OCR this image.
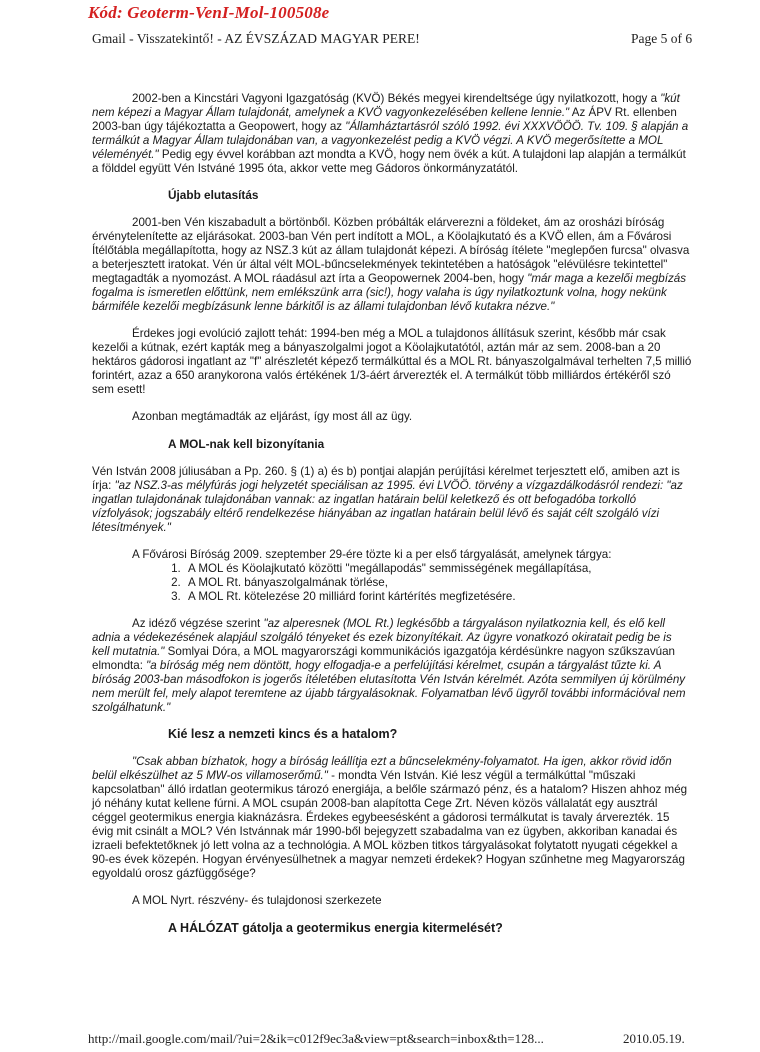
Kód: Geoterm-VenI-Mol-100508e
Gmail - Visszatekintő! - AZ ÉVSZÁZAD MAGYAR PERE!	Page 5 of 6

2002-ben a Kincstári Vagyoni Igazgatóság (KVÖ) Békés megyei kirendeltsége úgy nyilatkozott, hogy a "kút nem képezi a Magyar Állam tulajdonát, amelynek a KVÖ vagyonkezelésében kellene lennie." Az ÁPV Rt. ellenben 2003-ban úgy tájékoztatta a Geopowert, hogy az "Államháztartásról szóló 1992. évi XXXVÖÖÖ. Tv. 109. § alapján a termálkút a Magyar Állam tulajdonában van, a vagyonkezelést pedig a KVÖ végzi. A KVÖ megerősítette a MOL véleményét." Pedig egy évvel korábban azt mondta a KVÖ, hogy nem övék a kút. A tulajdoni lap alapján a termálkút a földdel együtt Vén Istváné 1995 óta, akkor vette meg Gádoros önkormányzatától.

Újabb elutasítás

2001-ben Vén kiszabadult a börtönből. Közben próbálták elárverezni a földeket, ám az orosházi bíróság érvénytelenítette az eljárásokat. 2003-ban Vén pert indított a MOL, a Köolajkutató és a KVÖ ellen, ám a Fővárosi Ítélőtábla megállapította, hogy az NSZ.3 kút az állam tulajdonát képezi. A bíróság ítélete "meglepően furcsa" olvasva a beterjesztett iratokat. Vén úr által vélt MOL-bűncselekmények tekintetében a hatóságok "elévülésre tekintettel" megtagadták a nyomozást. A MOL ráadásul azt írta a Geopowernek 2004-ben, hogy "már maga a kezelői megbízás fogalma is ismeretlen előttünk, nem emlékszünk arra (sic!), hogy valaha is úgy nyilatkoztunk volna, hogy nekünk bármiféle kezelői megbízásunk lenne bárkitől is az állami tulajdonban lévő kutakra nézve."

Érdekes jogi evolúció zajlott tehát: 1994-ben még a MOL a tulajdonos állításuk szerint, később már csak kezelői a kútnak, ezért kapták meg a bányaszolgalmi jogot a Köolajkutatótól, aztán már az sem. 2008-ban a 20 hektáros gádorosi ingatlant az "f" alrészletét képező termálkúttal és a MOL Rt. bányaszolgalmával terhelten 7,5 millió forintért, azaz a 650 aranykorona valós értékének 1/3-áért árverezték el. A termálkút több milliárdos értékéről szó sem esett!

Azonban megtámadták az eljárást, így most áll az ügy.

A MOL-nak kell bizonyítania

Vén István 2008 júliusában a Pp. 260. § (1) a) és b) pontjai alapján perújítási kérelmet terjesztett elő, amiben azt is írja: "az NSZ.3-as mélyfúrás jogi helyzetét speciálisan az 1995. évi LVÖÖ. törvény a vízgazdálkodásról rendezi: "az ingatlan tulajdonának tulajdonában vannak: az ingatlan határain belül keletkező és ott befogadóba torkolló vízfolyások; jogszabály eltérő rendelkezése hiányában az ingatlan határain belül lévő és saját célt szolgáló vízi létesítmények."

A Fővárosi Bíróság 2009. szeptember 29-ére tözte ki a per első tárgyalását, amelynek tárgya:

1. A MOL és Köolajkutató közötti "megállapodás" semmisségének megállapítása,
2. A MOL Rt. bányaszolgalmának törlése,
3. A MOL Rt. kötelezése 20 milliárd forint kártérítés megfizetésére.

Az idéző végzése szerint "az alperesnek (MOL Rt.) legkésőbb a tárgyaláson nyilatkoznia kell, és elő kell adnia a védekezésének alapjául szolgáló tényeket és ezek bizonyítékait. Az ügyre vonatkozó okiratait pedig be is kell mutatnia." Somlyai Dóra, a MOL magyarországi kommunikációs igazgatója kérdésünkre nagyon szűkszavúan elmondta: "a bíróság még nem döntött, hogy elfogadja-e a perfelújítási kérelmet, csupán a tárgyalást tűzte ki. A bíróság 2003-ban másodfokon is jogerős ítéletében elutasította Vén István kérelmét. Azóta semmilyen új körülmény nem merült fel, mely alapot teremtene az újabb tárgyalásoknak. Folyamatban lévő ügyről további információval nem szolgálhatunk."

Kié lesz a nemzeti kincs és a hatalom?

"Csak abban bízhatok, hogy a bíróság leállítja ezt a bűncselekmény-folyamatot. Ha igen, akkor rövid időn belül elkészülhet az 5 MW-os villamoserőmű." - mondta Vén István. Kié lesz végül a termálkúttal "műszaki kapcsolatban" álló irdatlan geotermikus tározó energiája, a belőle származó pénz, és a hatalom? Hiszen ahhoz még jó néhány kutat kellene fúrni. A MOL csupán 2008-ban alapította Cege Zrt. Néven közös vállalatát egy ausztrál céggel geotermikus energia kiaknázásra. Érdekes egybeesésként a gádorosi termálkutat is tavaly árverezték. 15 évig mit csinált a MOL? Vén Istvánnak már 1990-ből bejegyzett szabadalma van ez ügyben, akkoriban kanadai és izraeli befektetőknek jó lett volna az a technológia. A MOL közben titkos tárgyalásokat folytatott nyugati cégekkel a 90-es évek közepén. Hogyan érvényesülhetnek a magyar nemzeti érdekek? Hogyan szűnhetne meg Magyarország egyoldalú orosz gázfüggősége?

A MOL Nyrt. részvény- és tulajdonosi szerkezete

A HÁLÓZAT gátolja a geotermikus energia kitermelését?

http://mail.google.com/mail/?ui=2&ik=c012f9ec3a&view=pt&search=inbox&th=128...	2010.05.19.
